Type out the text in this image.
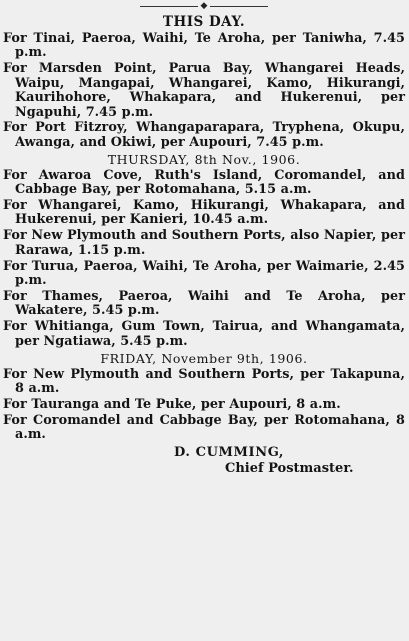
◆
THIS DAY.

For Tinai, Paeroa, Waihi, Te Aroha, per Taniwha, 7.45 p.m.

For Marsden Point, Parua Bay, Whangarei Heads, Waipu, Mangapai, Whangarei, Kamo, Hikurangi, Kaurihohore, Whakapara, and Hukerenui, per Ngapuhi, 7.45 p.m.

For Port Fitzroy, Whangaparapara, Tryphena, Okupu, Awanga, and Okiwi, per Aupouri, 7.45 p.m.

THURSDAY, 8th Nov., 1906.

For Awaroa Cove, Ruth's Island, Coromandel, and Cabbage Bay, per Rotomahana, 5.15 a.m.

For Whangarei, Kamo, Hikurangi, Whakapara, and Hukerenui, per Kanieri, 10.45 a.m.

For New Plymouth and Southern Ports, also Napier, per Rarawa, 1.15 p.m.

For Turua, Paeroa, Waihi, Te Aroha, per Waimarie, 2.45 p.m.

For Thames, Paeroa, Waihi and Te Aroha, per Wakatere, 5.45 p.m.

For Whitianga, Gum Town, Tairua, and Whangamata, per Ngatiawa, 5.45 p.m.

FRIDAY, November 9th, 1906.

For New Plymouth and Southern Ports, per Takapuna, 8 a.m.

For Tauranga and Te Puke, per Aupouri, 8 a.m.

For Coromandel and Cabbage Bay, per Rotomahana, 8 a.m.

D. CUMMING,
Chief Postmaster.
